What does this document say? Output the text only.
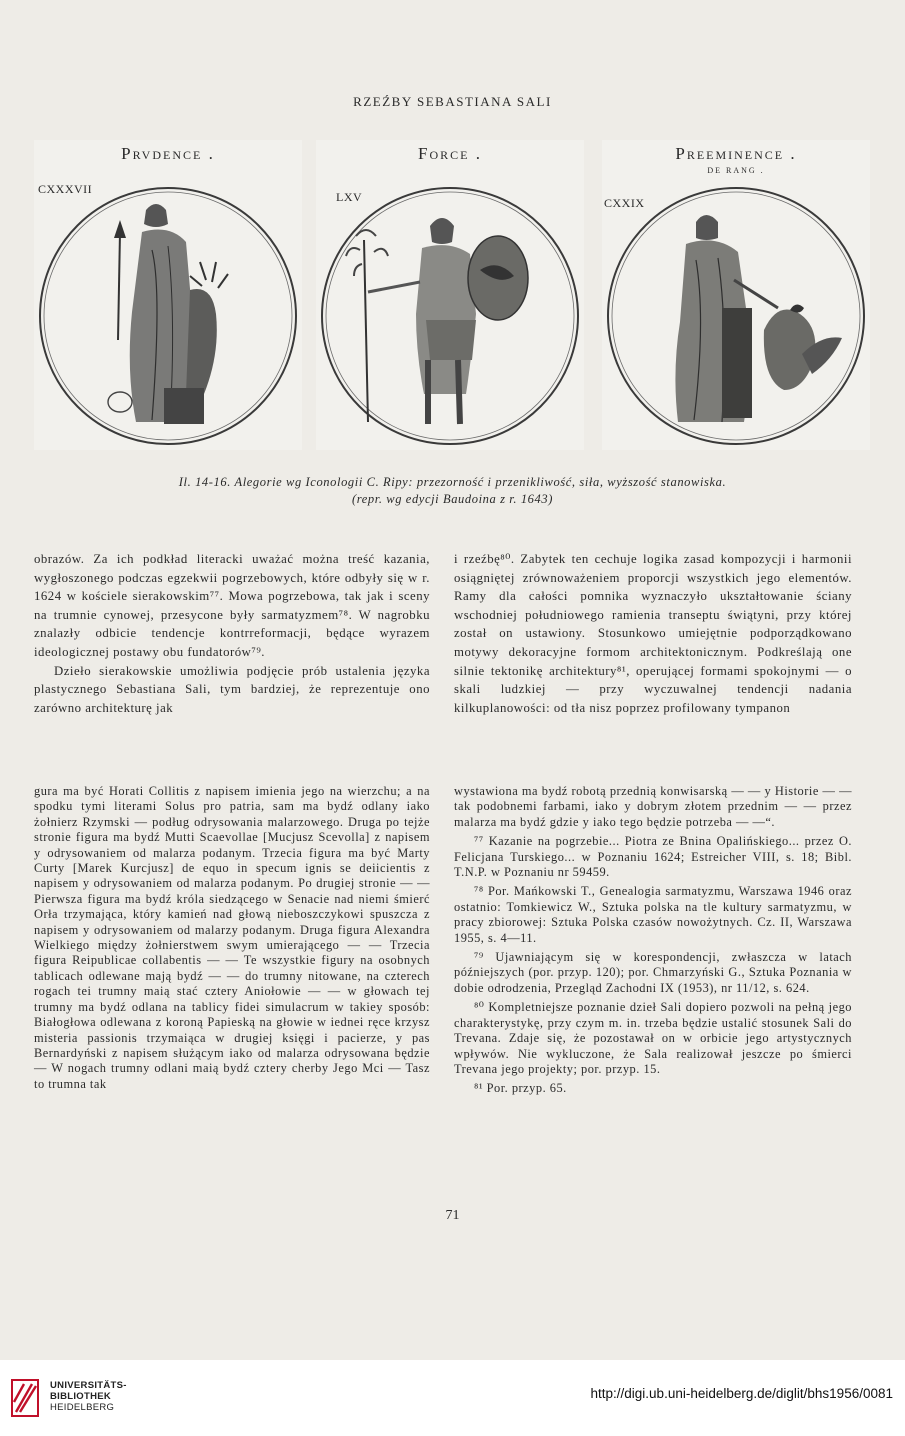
RZEŹBY SEBASTIANA SALI
Prvdence .
CXXXVII
Force .
LXV
Preeminence .
DE RANG .
CXXIX
Il. 14-16. Alegorie wg Iconologii C. Ripy: przezorność i przenikliwość, siła, wyższość stanowiska.
(repr. wg edycji Baudoina z r. 1643)

obrazów. Za ich podkład literacki uważać można treść kazania, wygłoszonego podczas egzekwii pogrzebowych, które odbyły się w r. 1624 w kościele sierakowskim⁷⁷. Mowa pogrzebowa, tak jak i sceny na trumnie cynowej, przesycone były sarmatyzmem⁷⁸. W nagrobku znalazły odbicie tendencje kontrreformacji, będące wyrazem ideologicznej postawy obu fundatorów⁷⁹.

Dzieło sierakowskie umożliwia podjęcie prób ustalenia języka plastycznego Sebastiana Sali, tym bardziej, że reprezentuje ono zarówno architekturę jak

i rzeźbę⁸⁰. Zabytek ten cechuje logika zasad kompozycji i harmonii osiągniętej zrównoważeniem proporcji wszystkich jego elementów. Ramy dla całości pomnika wyznaczyło ukształtowanie ściany wschodniej południowego ramienia transeptu świątyni, przy której został on ustawiony. Stosunkowo umiejętnie podporządkowano motywy dekoracyjne formom architektonicznym. Podkreślają one silnie tektonikę architektury⁸¹, operującej formami spokojnymi — o skali ludzkiej — przy wyczuwalnej tendencji nadania kilkuplanowości: od tła nisz poprzez profilowany tympanon

gura ma być Horati Collitis z napisem imienia jego na wierzchu; a na spodku tymi literami Solus pro patria, sam ma bydź odlany iako żołnierz Rzymski — podług odrysowania malarzowego. Druga po tejże stronie figura ma bydź Mutti Scaevollae [Mucjusz Scevolla] z napisem y odrysowaniem od malarza podanym. Trzecia figura ma być Marty Curty [Marek Kurcjusz] de equo in specum ignis se deiicientis z napisem y odrysowaniem od malarza podanym. Po drugiej stronie — — Pierwsza figura ma bydź króla siedzącego w Senacie nad niemi śmierć Orła trzymająca, który kamień nad głową nieboszczykowi spuszcza z napisem y odrysowaniem od malarzy podanym. Druga figura Alexandra Wielkiego między żołnierstwem swym umierającego — — Trzecia figura Reipublicae collabentis — — Te wszystkie figury na osobnych tablicach odlewane mają bydź — — do trumny nitowane, na czterech rogach tei trumny maią stać cztery Aniołowie — — w głowach tej trumny ma bydź odlana na tablicy fidei simulacrum w takiey sposób: Białogłowa odlewana z koroną Papieską na głowie w iednei ręce krzysz misteria passionis trzymaiąca w drugiej księgi i pacierze, y pas Bernardyński z napisem służącym iako od malarza odrysowana będzie — W nogach trumny odlani maią bydź cztery cherby Jego Mci — Tasz to trumna tak

wystawiona ma bydź robotą przednią konwisarską — — y Historie — — tak podobnemi farbami, iako y dobrym złotem przednim — — przez malarza ma bydź gdzie y iako tego będzie potrzeba — —“.

⁷⁷ Kazanie na pogrzebie... Piotra ze Bnina Opalińskiego... przez O. Felicjana Turskiego... w Poznaniu 1624; Estreicher VIII, s. 18; Bibl. T.N.P. w Poznaniu nr 59459.

⁷⁸ Por. Mańkowski T., Genealogia sarmatyzmu, Warszawa 1946 oraz ostatnio: Tomkiewicz W., Sztuka polska na tle kultury sarmatyzmu, w pracy zbiorowej: Sztuka Polska czasów nowożytnych. Cz. II, Warszawa 1955, s. 4—11.

⁷⁹ Ujawniającym się w korespondencji, zwłaszcza w latach późniejszych (por. przyp. 120); por. Chmarzyński G., Sztuka Poznania w dobie odrodzenia, Przegląd Zachodni IX (1953), nr 11/12, s. 624.

⁸⁰ Kompletniejsze poznanie dzieł Sali dopiero pozwoli na pełną jego charakterystykę, przy czym m. in. trzeba będzie ustalić stosunek Sali do Trevana. Zdaje się, że pozostawał on w orbicie jego artystycznych wpływów. Nie wykluczone, że Sala realizował jeszcze po śmierci Trevana jego projekty; por. przyp. 15.

⁸¹ Por. przyp. 65.

71
UNIVERSITÄTS-
BIBLIOTHEK
HEIDELBERG
http://digi.ub.uni-heidelberg.de/diglit/bhs1956/0081
